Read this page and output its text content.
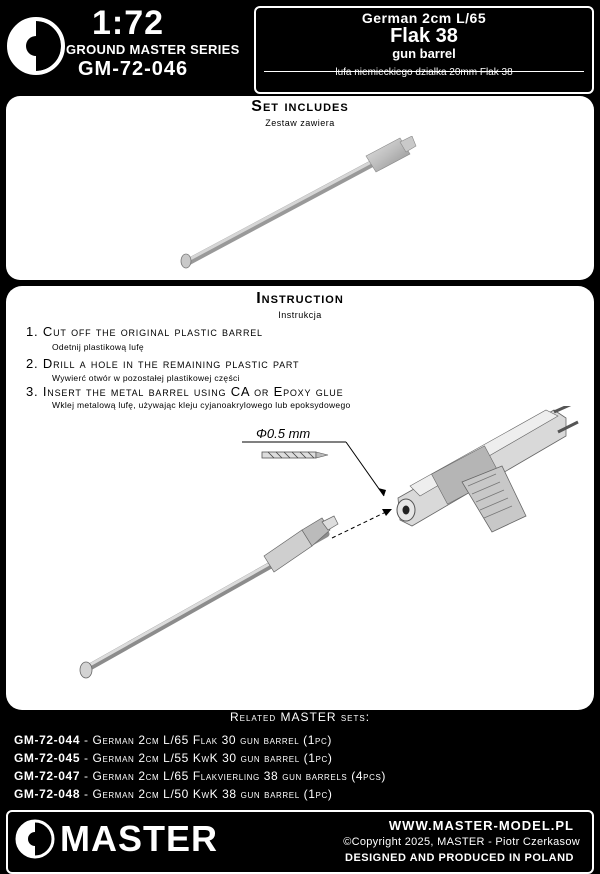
1:72
GROUND MASTER SERIES
GM-72-046
German 2cm L/65
Flak 38
gun barrel
lufa niemieckiego działka 20mm Flak 38
Set includes
Zestaw zawiera
Instruction
Instrukcja
1. Cut off the original plastic barrel
Odetnij plastikową lufę
2. Drill a hole in the remaining plastic part
Wywierć otwór w pozostałej plastikowej części
3. Insert the metal barrel using CA or Epoxy glue
Wklej metalową lufę, używając kleju cyjanoakrylowego lub epoksydowego
Φ0.5 mm
Related MASTER sets:
GM-72-044 - German 2cm L/65 Flak 30 gun barrel (1pc)
GM-72-045 - German 2cm L/55 KwK 30 gun barrel (1pc)
GM-72-047 - German 2cm L/65 Flakvierling 38 gun barrels (4pcs)
GM-72-048 - German 2cm L/50 KwK 38 gun barrel (1pc)
MASTER	WWW.MASTER-MODEL.PL
©Copyright 2025, MASTER - Piotr Czerkasow
DESIGNED AND PRODUCED IN POLAND
